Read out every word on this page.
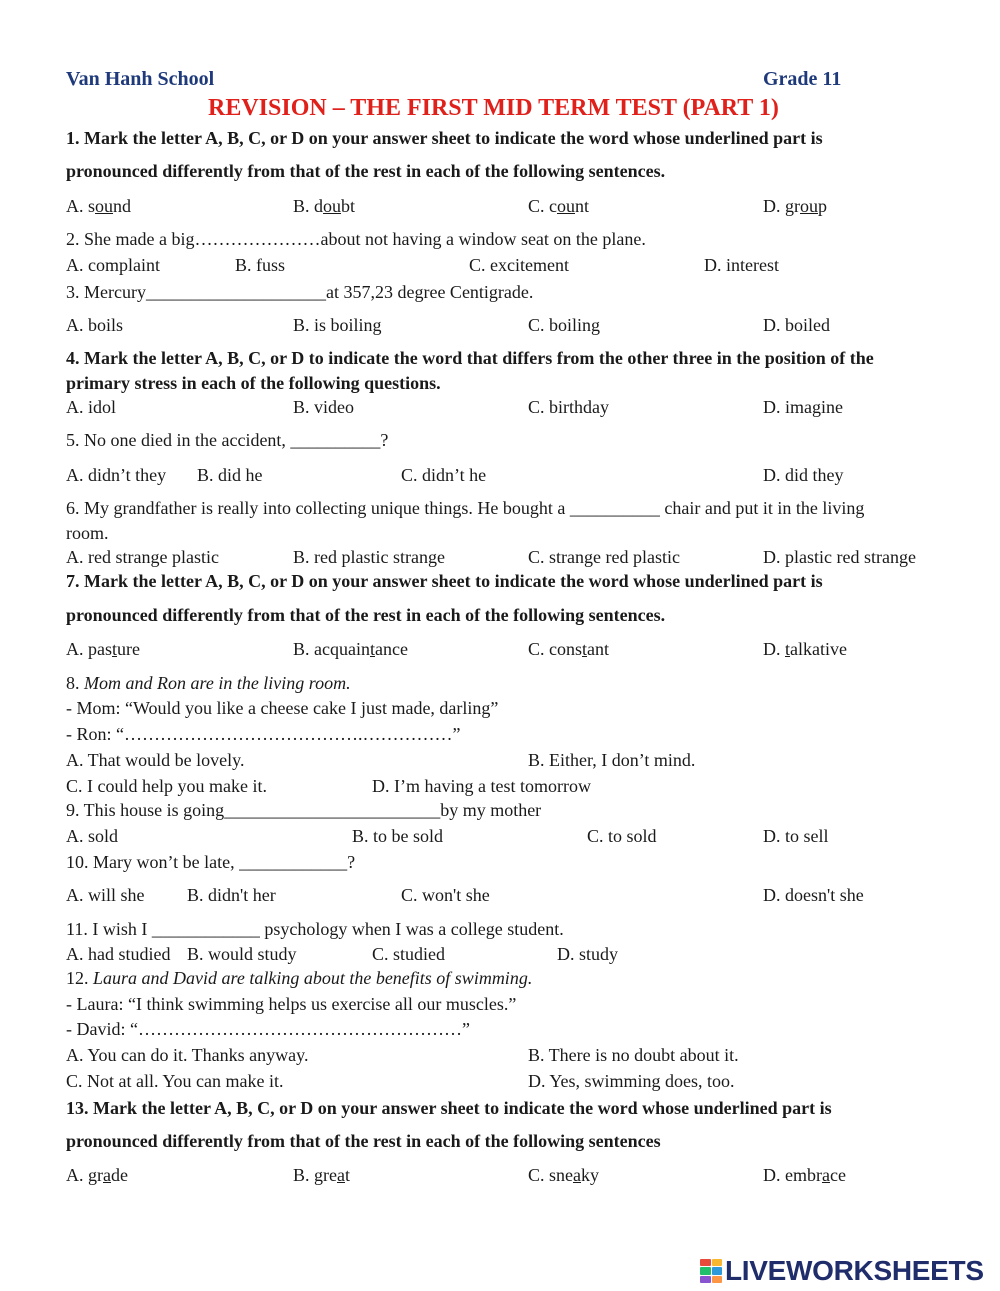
Van Hanh School	Grade 11
REVISION – THE FIRST MID TERM TEST (PART 1)
1. Mark the letter A, B, C, or D on your answer sheet to indicate the word whose underlined part is
pronounced differently from that of the rest in each of the following sentences.
A. sound	B. doubt	C. count	D. group
2. She made a big…………………about not having a window seat on the plane.
A. complaint	B. fuss	C. excitement	D. interest
3. Mercury____________________at 357,23 degree Centigrade.
A. boils	B. is boiling	C. boiling	D. boiled
4. Mark the letter A, B, C, or D to indicate the word that differs from the other three in the position of the
primary stress in each of the following questions.
A. idol	B. video	C. birthday	D. imagine
5. No one died in the accident, __________?
A. didn’t they B. did he	C. didn’t he	D. did they
6. My grandfather is really into collecting unique things. He bought a __________ chair and put it in the living
room.
A. red strange plastic	B. red plastic strange	C. strange red plastic	D. plastic red strange
7. Mark the letter A, B, C, or D on your answer sheet to indicate the word whose underlined part is
pronounced differently from that of the rest in each of the following sentences.
A. pasture	B. acquaintance	C. constant	D. talkative
8. Mom and Ron are in the living room.
- Mom: “Would you like a cheese cake I just made, darling”
- Ron: “………………………………….……………”
A. That would be lovely.	B. Either, I don’t mind.
C. I could help you make it.	D. I’m having a test tomorrow
9. This house is going________________________by my mother
A. sold	B. to be sold	C. to sold	D. to sell
10. Mary won’t be late, ____________?
A. will she B. didn't her	C. won't she	D. doesn't she
11. I wish I ____________ psychology when I was a college student.
A. had studied B. would study	C. studied	D. study
12. Laura and David are talking about the benefits of swimming.
- Laura: “I think swimming helps us exercise all our muscles.”
- David: “………………………………………………”
A. You can do it. Thanks anyway.	B. There is no doubt about it.
C. Not at all. You can make it.	D. Yes, swimming does, too.
13. Mark the letter A, B, C, or D on your answer sheet to indicate the word whose underlined part is
pronounced differently from that of the rest in each of the following sentences
A. grade	B. great	C. sneaky	D. embrace
LIVEWORKSHEETS
